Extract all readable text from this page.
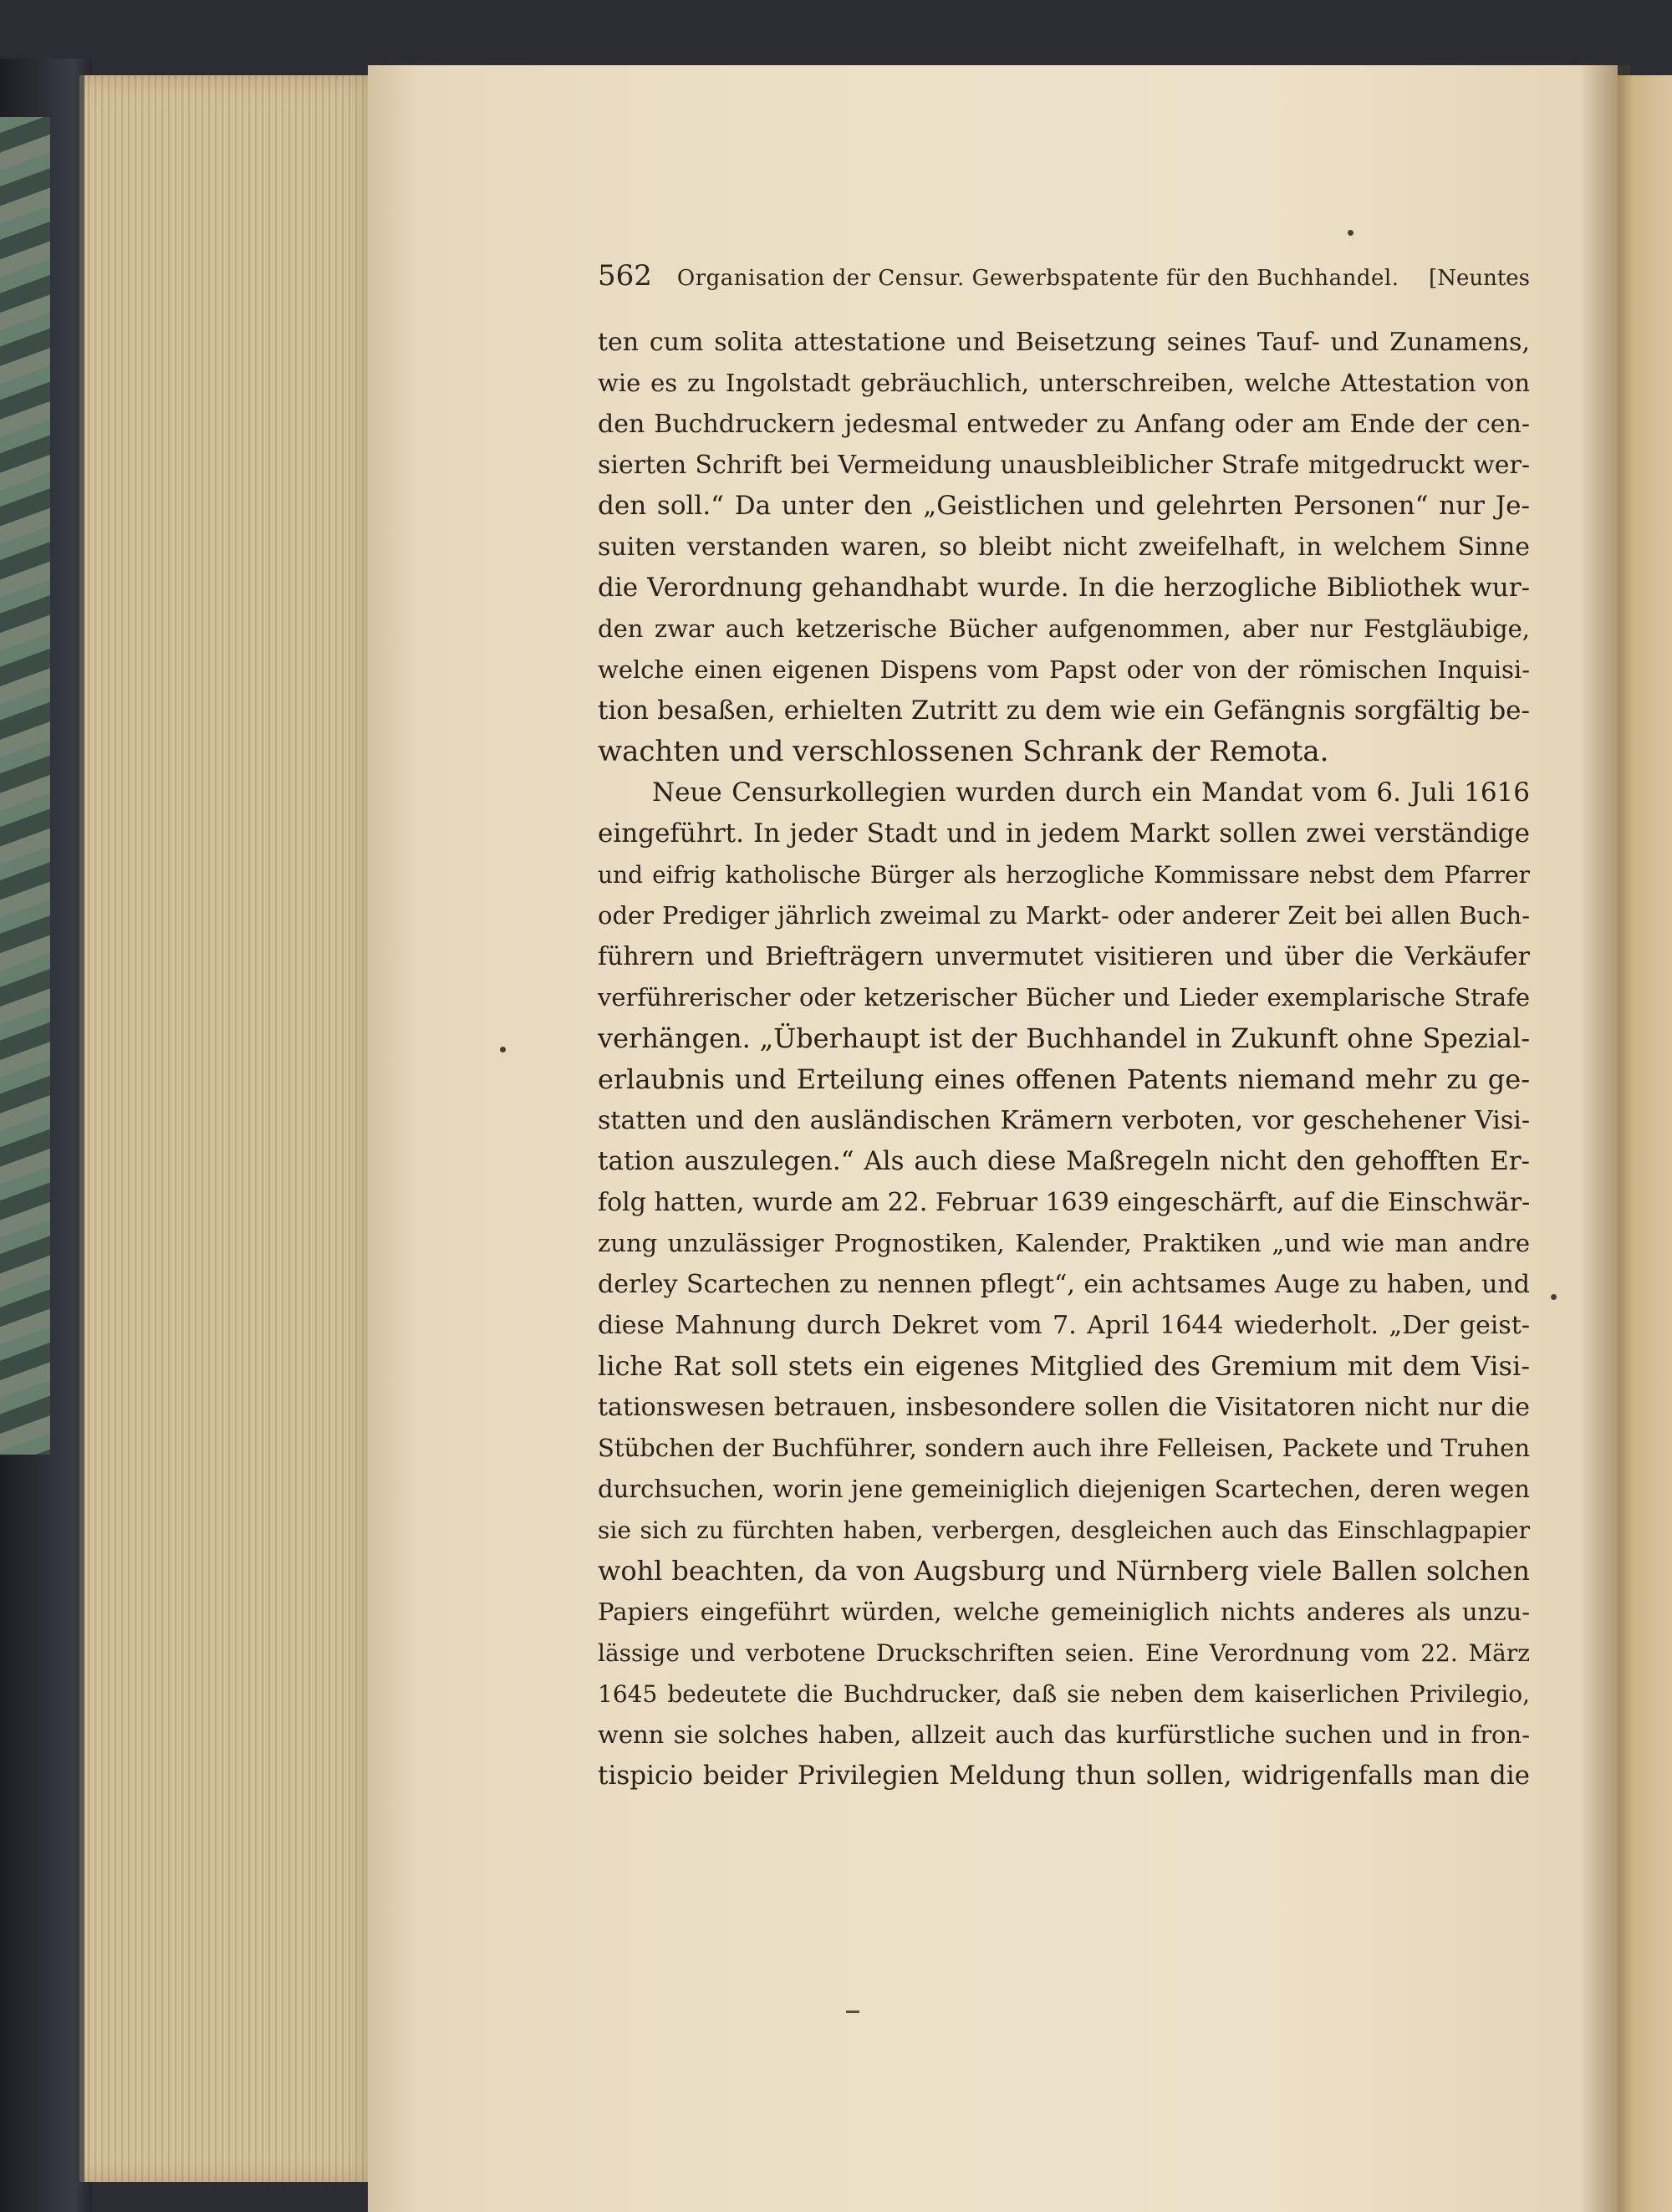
562 Organisation der Censur. Gewerbspatente für den Buchhandel. [Neuntes
ten cum solita attestatione und Beisetzung seines Tauf- und Zunamens,
wie es zu Ingolstadt gebräuchlich, unterschreiben, welche Attestation von
den Buchdruckern jedesmal entweder zu Anfang oder am Ende der cen-
sierten Schrift bei Vermeidung unausbleiblicher Strafe mitgedruckt wer-
den soll.“ Da unter den „Geistlichen und gelehrten Personen“ nur Je-
suiten verstanden waren, so bleibt nicht zweifelhaft, in welchem Sinne
die Verordnung gehandhabt wurde. In die herzogliche Bibliothek wur-
den zwar auch ketzerische Bücher aufgenommen, aber nur Festgläubige,
welche einen eigenen Dispens vom Papst oder von der römischen Inquisi-
tion besaßen, erhielten Zutritt zu dem wie ein Gefängnis sorgfältig be-
wachten und verschlossenen Schrank der Remota.
Neue Censurkollegien wurden durch ein Mandat vom 6. Juli 1616
eingeführt. In jeder Stadt und in jedem Markt sollen zwei verständige
und eifrig katholische Bürger als herzogliche Kommissare nebst dem Pfarrer
oder Prediger jährlich zweimal zu Markt- oder anderer Zeit bei allen Buch-
führern und Briefträgern unvermutet visitieren und über die Verkäufer
verführerischer oder ketzerischer Bücher und Lieder exemplarische Strafe
verhängen. „Überhaupt ist der Buchhandel in Zukunft ohne Spezial-
erlaubnis und Erteilung eines offenen Patents niemand mehr zu ge-
statten und den ausländischen Krämern verboten, vor geschehener Visi-
tation auszulegen.“ Als auch diese Maßregeln nicht den gehofften Er-
folg hatten, wurde am 22. Februar 1639 eingeschärft, auf die Einschwär-
zung unzulässiger Prognostiken, Kalender, Praktiken „und wie man andre
derley Scartechen zu nennen pflegt“, ein achtsames Auge zu haben, und
diese Mahnung durch Dekret vom 7. April 1644 wiederholt. „Der geist-
liche Rat soll stets ein eigenes Mitglied des Gremium mit dem Visi-
tationswesen betrauen, insbesondere sollen die Visitatoren nicht nur die
Stübchen der Buchführer, sondern auch ihre Felleisen, Packete und Truhen
durchsuchen, worin jene gemeiniglich diejenigen Scartechen, deren wegen
sie sich zu fürchten haben, verbergen, desgleichen auch das Einschlagpapier
wohl beachten, da von Augsburg und Nürnberg viele Ballen solchen
Papiers eingeführt würden, welche gemeiniglich nichts anderes als unzu-
lässige und verbotene Druckschriften seien. Eine Verordnung vom 22. März
1645 bedeutete die Buchdrucker, daß sie neben dem kaiserlichen Privilegio,
wenn sie solches haben, allzeit auch das kurfürstliche suchen und in fron-
tispicio beider Privilegien Meldung thun sollen, widrigenfalls man die
